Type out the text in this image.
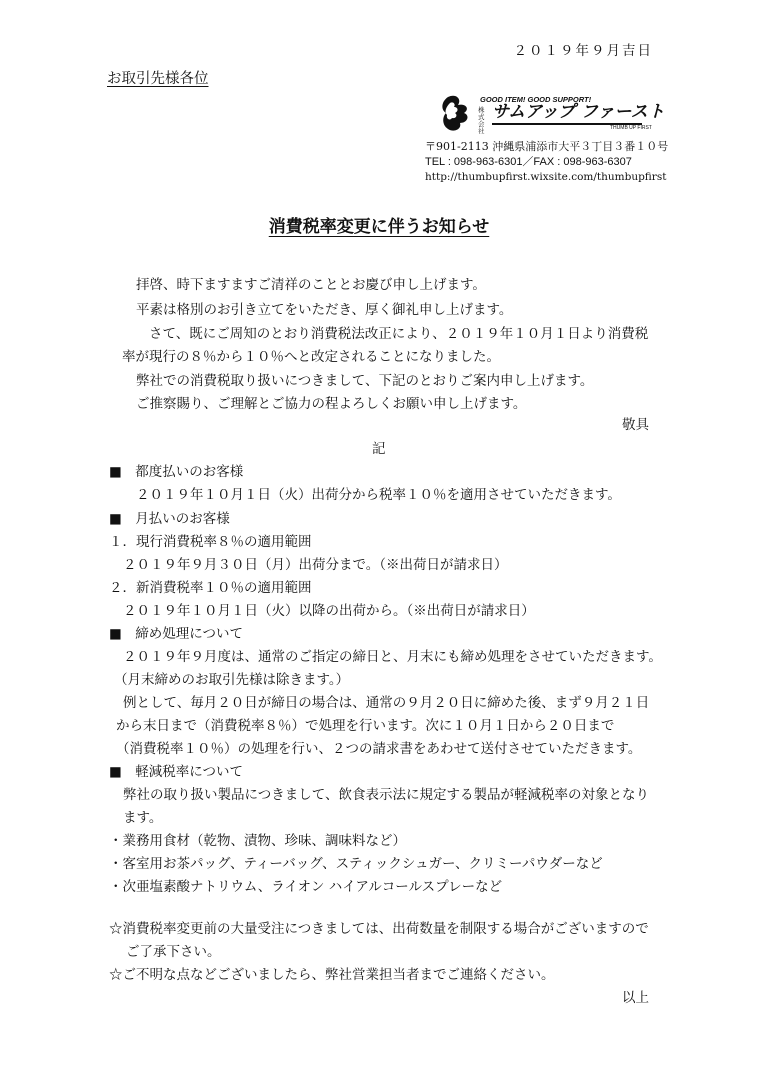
２０１９年９月吉日
お取引先様各位
GOOD ITEM! GOOD SUPPORT!
株式会社
サムアップ ファースト
THUMB UP FIRST
〒901-2113 沖縄県浦添市大平３丁目３番１０号
TEL : 098-963-6301／FAX : 098-963-6307
http://thumbupfirst.wixsite.com/thumbupfirst
消費税率変更に伴うお知らせ
拝啓、時下ますますご清祥のこととお慶び申し上げます。
平素は格別のお引き立てをいただき、厚く御礼申し上げます。
さて、既にご周知のとおり消費税法改正により、２０１９年１０月１日より消費税
率が現行の８％から１０％へと改定されることになりました。
弊社での消費税取り扱いにつきまして、下記のとおりご案内申し上げます。
ご推察賜り、ご理解とご協力の程よろしくお願い申し上げます。
敬具
記
■　都度払いのお客様
２０１９年１０月１日（火）出荷分から税率１０％を適用させていただきます。
■　月払いのお客様
１．現行消費税率８％の適用範囲
２０１９年９月３０日（月）出荷分まで。（※出荷日が請求日）
２．新消費税率１０％の適用範囲
２０１９年１０月１日（火）以降の出荷から。（※出荷日が請求日）
■　締め処理について
２０１９年９月度は、通常のご指定の締日と、月末にも締め処理をさせていただきます。
（月末締めのお取引先様は除きます。）
例として、毎月２０日が締日の場合は、通常の９月２０日に締めた後、まず９月２１日
から末日まで（消費税率８％）で処理を行います。次に１０月１日から２０日まで
（消費税率１０％）の処理を行い、２つの請求書をあわせて送付させていただきます。
■　軽減税率について
弊社の取り扱い製品につきまして、飲食表示法に規定する製品が軽減税率の対象となり
ます。
・業務用食材（乾物、漬物、珍味、調味料など）
・客室用お茶パッグ、ティーバッグ、スティックシュガー、クリミーパウダーなど
・次亜塩素酸ナトリウム、ライオン ハイアルコールスプレーなど
☆消費税率変更前の大量受注につきましては、出荷数量を制限する場合がございますので
ご了承下さい。
☆ご不明な点などございましたら、弊社営業担当者までご連絡ください。
以上
